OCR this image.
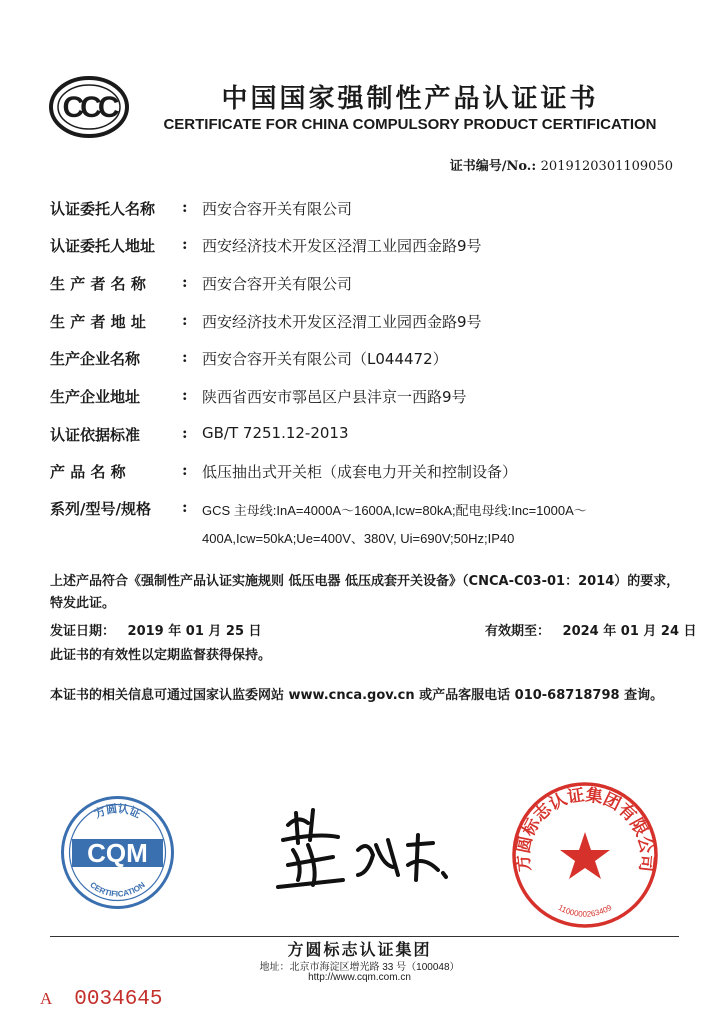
CCC	中国国家强制性产品认证证书
CERTIFICATE FOR CHINA COMPULSORY PRODUCT CERTIFICATION
证书编号/No.: 2019120301109050
认证委托人名称	: 西安合容开关有限公司
认证委托人地址	: 西安经济技术开发区泾渭工业园西金路9号
生 产 者 名 称	: 西安合容开关有限公司
生 产 者 地 址	: 西安经济技术开发区泾渭工业园西金路9号
生产企业名称	: 西安合容开关有限公司（L044472）
生产企业地址	: 陕西省西安市鄠邑区户县沣京一西路9号
认证依据标准	: GB/T 7251.12-2013
产 品 名 称	: 低压抽出式开关柜（成套电力开关和控制设备）
系列/型号/规格	: GCS 主母线:InA=4000A～1600A,Icw=80kA;配电母线:Inc=1000A～
400A,Icw=50kA;Ue=400V、380V, Ui=690V;50Hz;IP40
上述产品符合《强制性产品认证实施规则 低压电器 低压成套开关设备》（CNCA-C03-01：2014）的要求，
特发此证。
发证日期： 2019 年 01 月 25 日	有效期至： 2024 年 01 月 24 日
此证书的有效性以定期监督获得保持。
本证书的相关信息可通过国家认监委网站 www.cnca.gov.cn 或产品客服电话 010-68718798 查询。
方圆认证
CQM
CERTIFICATION
方圆标志认证集团有限公司
1100000263409
方圆标志认证集团
地址：北京市海淀区增光路 33 号（100048）
http://www.cqm.com.cn
A 0034645
